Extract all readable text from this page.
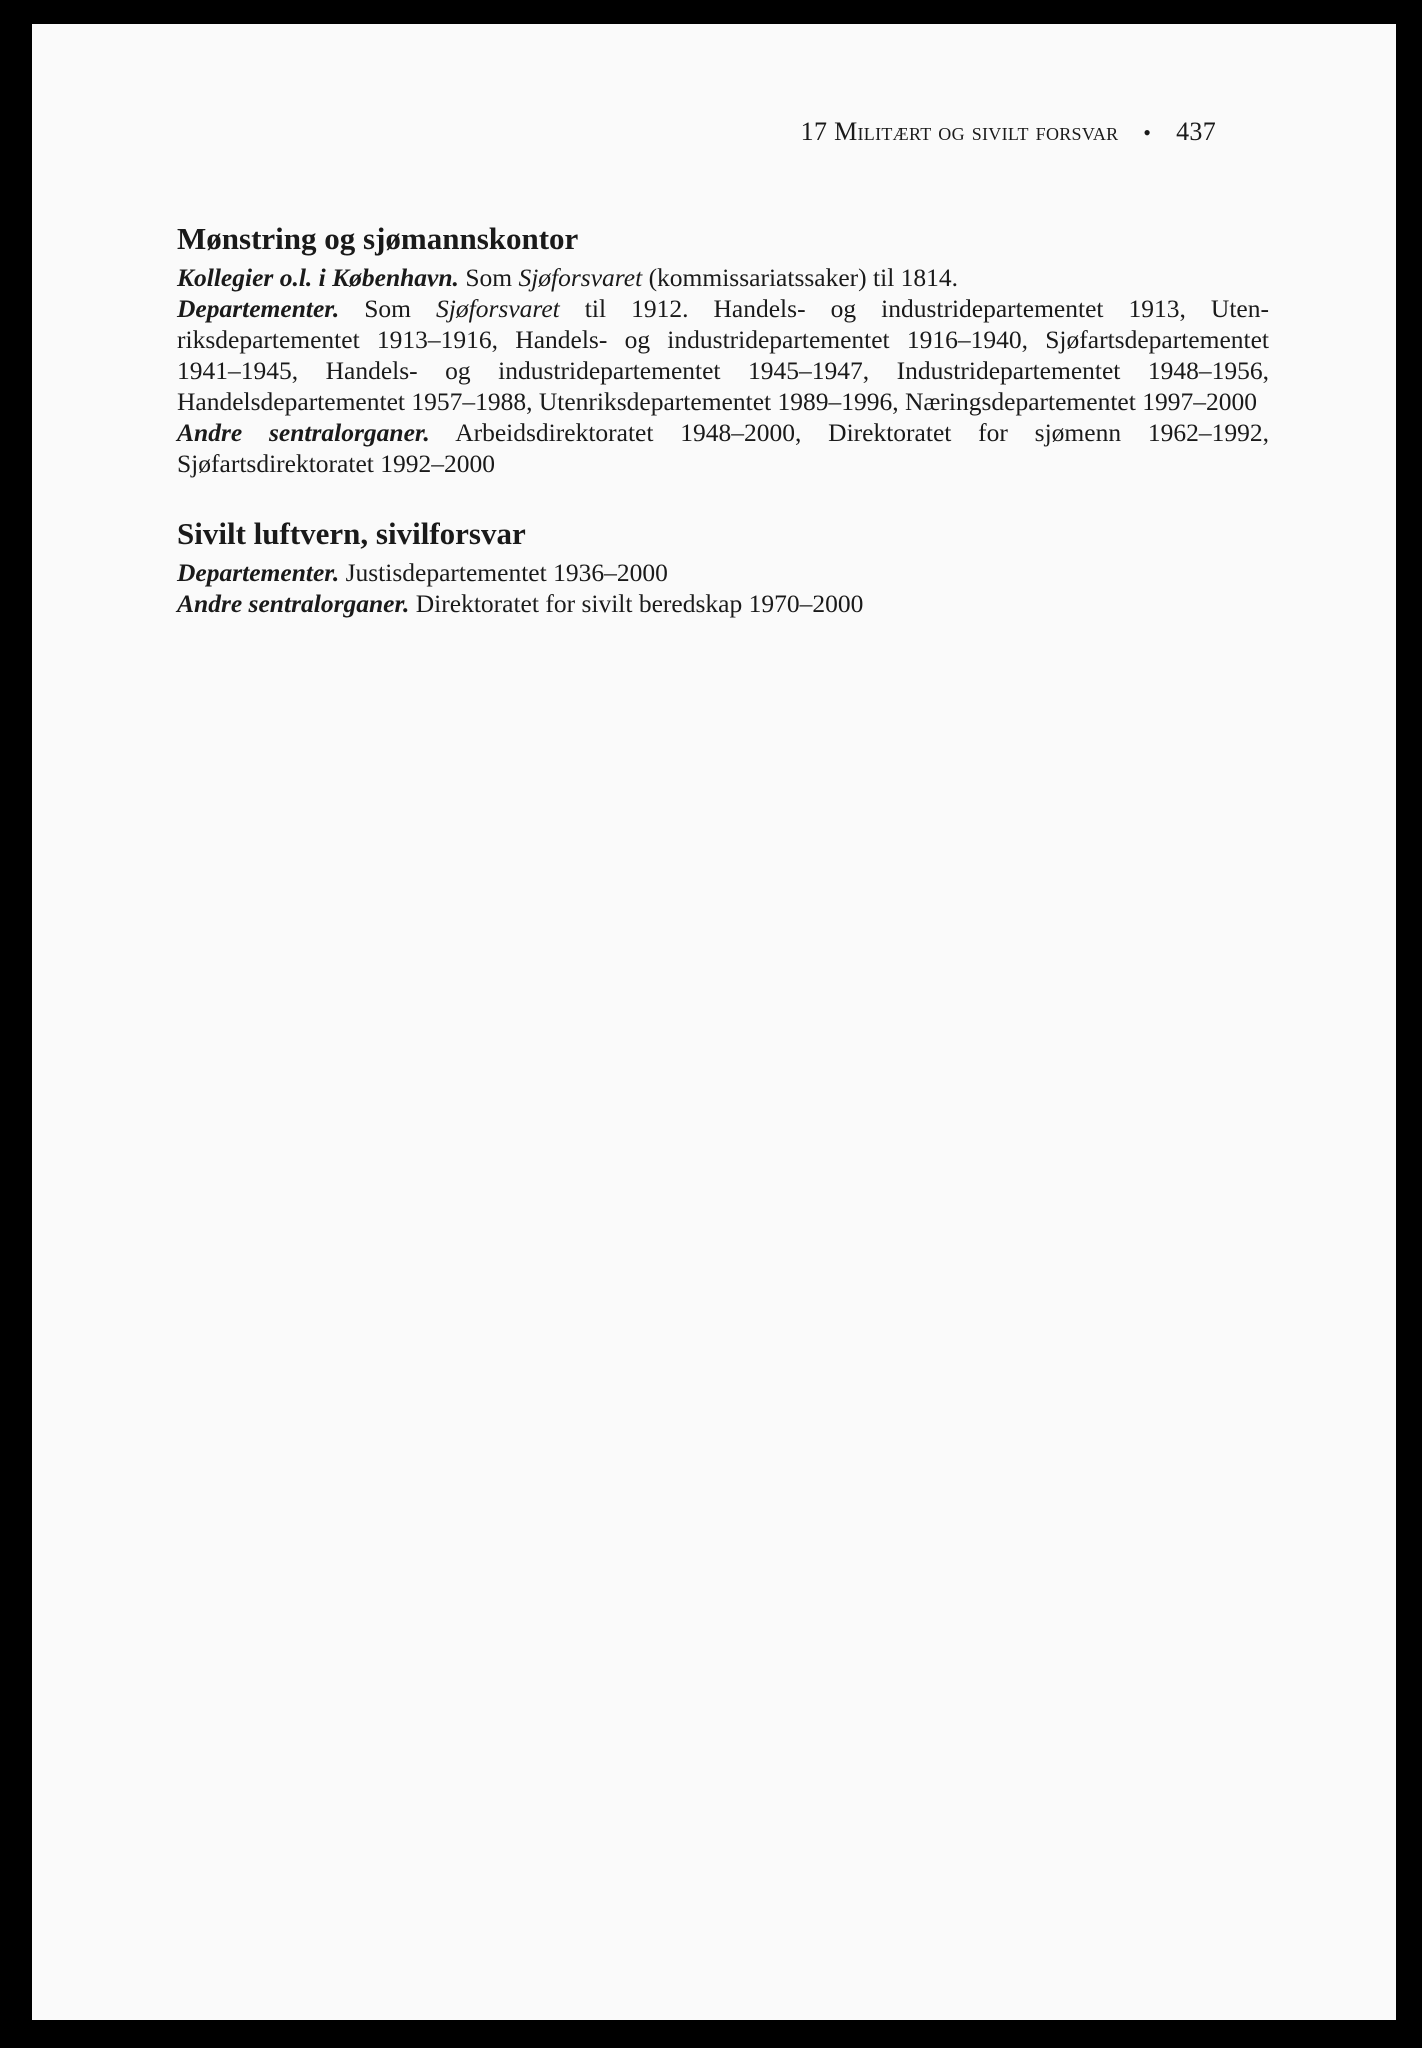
17 Militært og sivilt forsvar • 437
Mønstring og sjømannskontor

Kollegier o.l. i København. Som Sjøforsvaret (kommissariatssaker) til 1814.

Departementer. Som Sjøforsvaret til 1912. Handels- og industridepartementet 1913, Utenriksdepartementet 1913–1916, Handels- og industridepartementet 1916–1940, Sjøfartsdepartementet 1941–1945, Handels- og industridepartementet 1945–1947, Industridepartementet 1948–1956, Handelsdepartementet 1957–1988, Utenriksdepartementet 1989–1996, Næringsdepartementet 1997–2000

Andre sentralorganer. Arbeidsdirektoratet 1948–2000, Direktoratet for sjømenn 1962–1992, Sjøfartsdirektoratet 1992–2000

Sivilt luftvern, sivilforsvar

Departementer. Justisdepartementet 1936–2000

Andre sentralorganer. Direktoratet for sivilt beredskap 1970–2000
